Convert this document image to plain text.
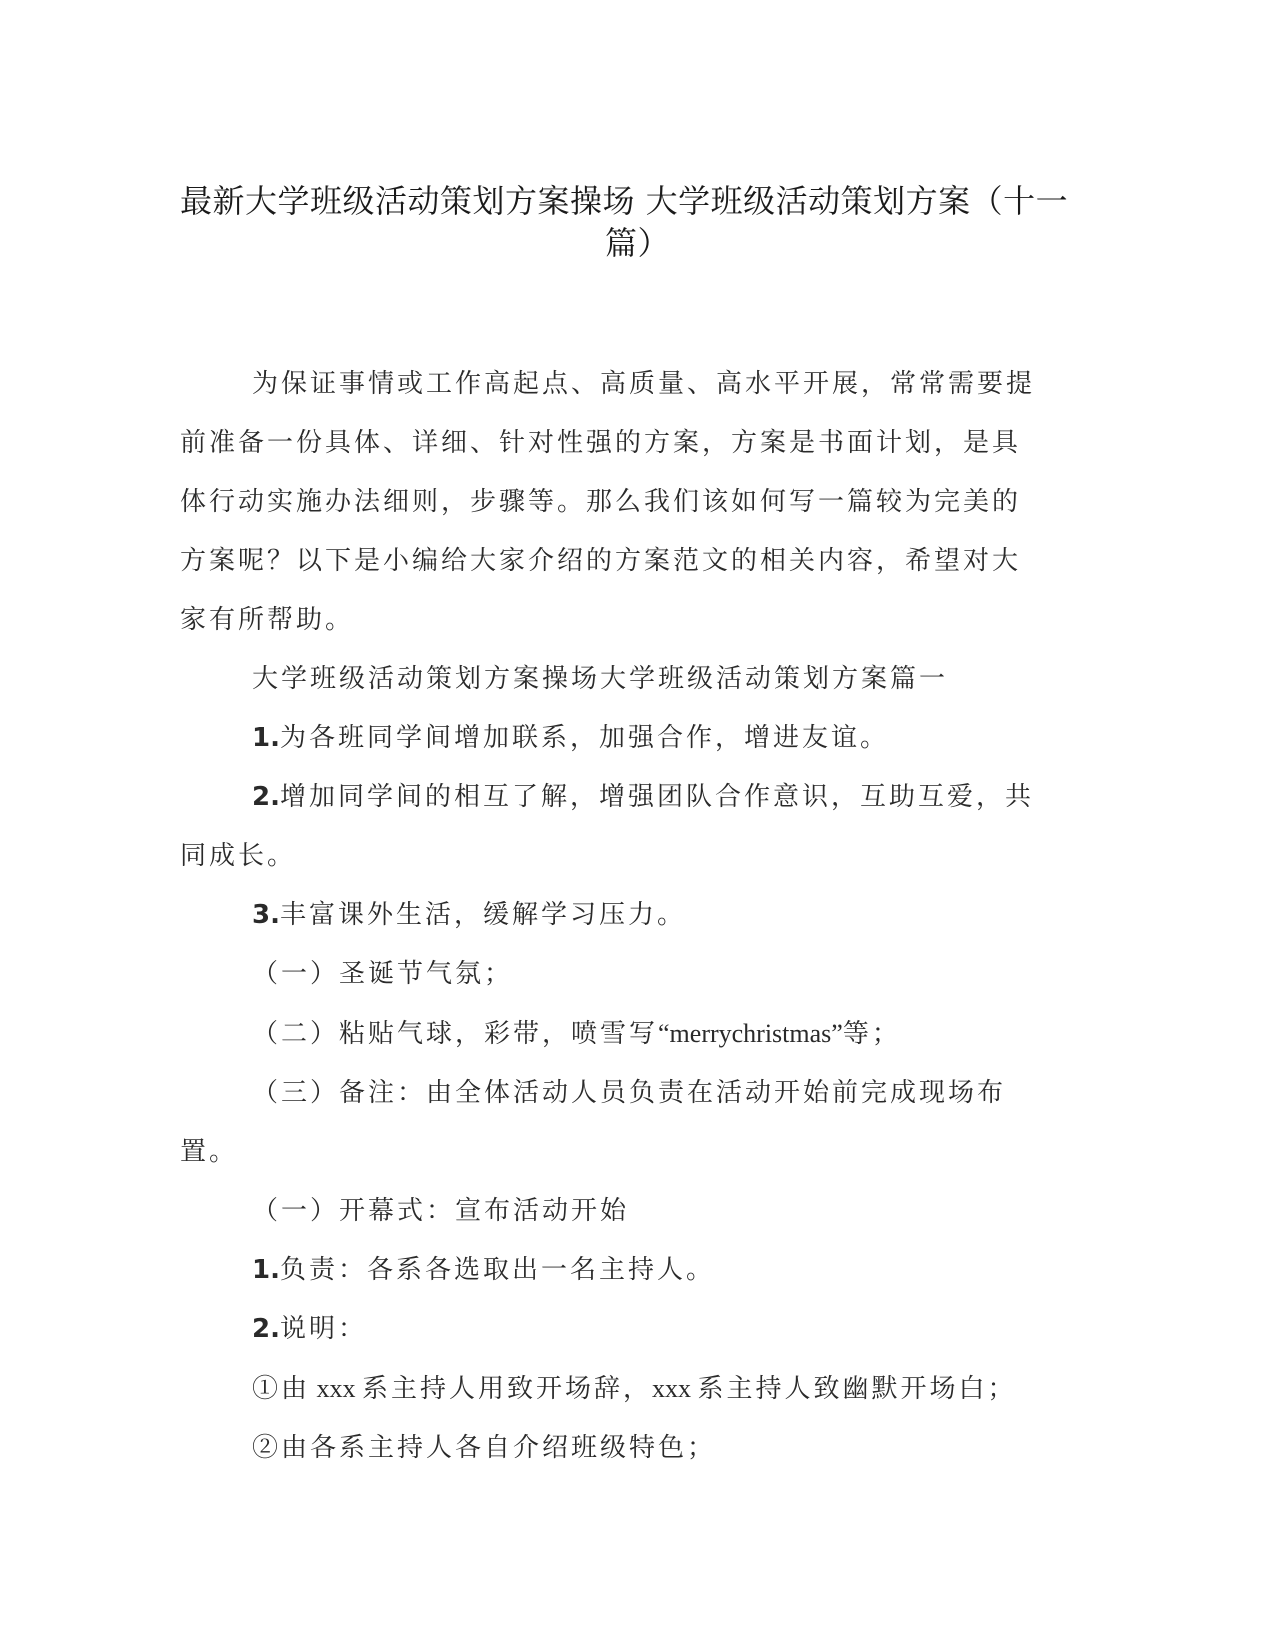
最新大学班级活动策划方案操场 大学班级活动策划方案（十一
篇）

为保证事情或工作高起点、高质量、高水平开展，常常需要提前准备一份具体、详细、针对性强的方案，方案是书面计划，是具体行动实施办法细则，步骤等。那么我们该如何写一篇较为完美的方案呢？以下是小编给大家介绍的方案范文的相关内容，希望对大家有所帮助。

大学班级活动策划方案操场大学班级活动策划方案篇一

1.为各班同学间增加联系，加强合作，增进友谊。

2.增加同学间的相互了解，增强团队合作意识，互助互爱，共同成长。

3.丰富课外生活，缓解学习压力。

（一）圣诞节气氛；

（二）粘贴气球，彩带，喷雪写“merrychristmas”等；

（三）备注：由全体活动人员负责在活动开始前完成现场布置。

（一）开幕式：宣布活动开始

1.负责：各系各选取出一名主持人。

2.说明：

①由 xxx 系主持人用致开场辞，xxx 系主持人致幽默开场白；

②由各系主持人各自介绍班级特色；
